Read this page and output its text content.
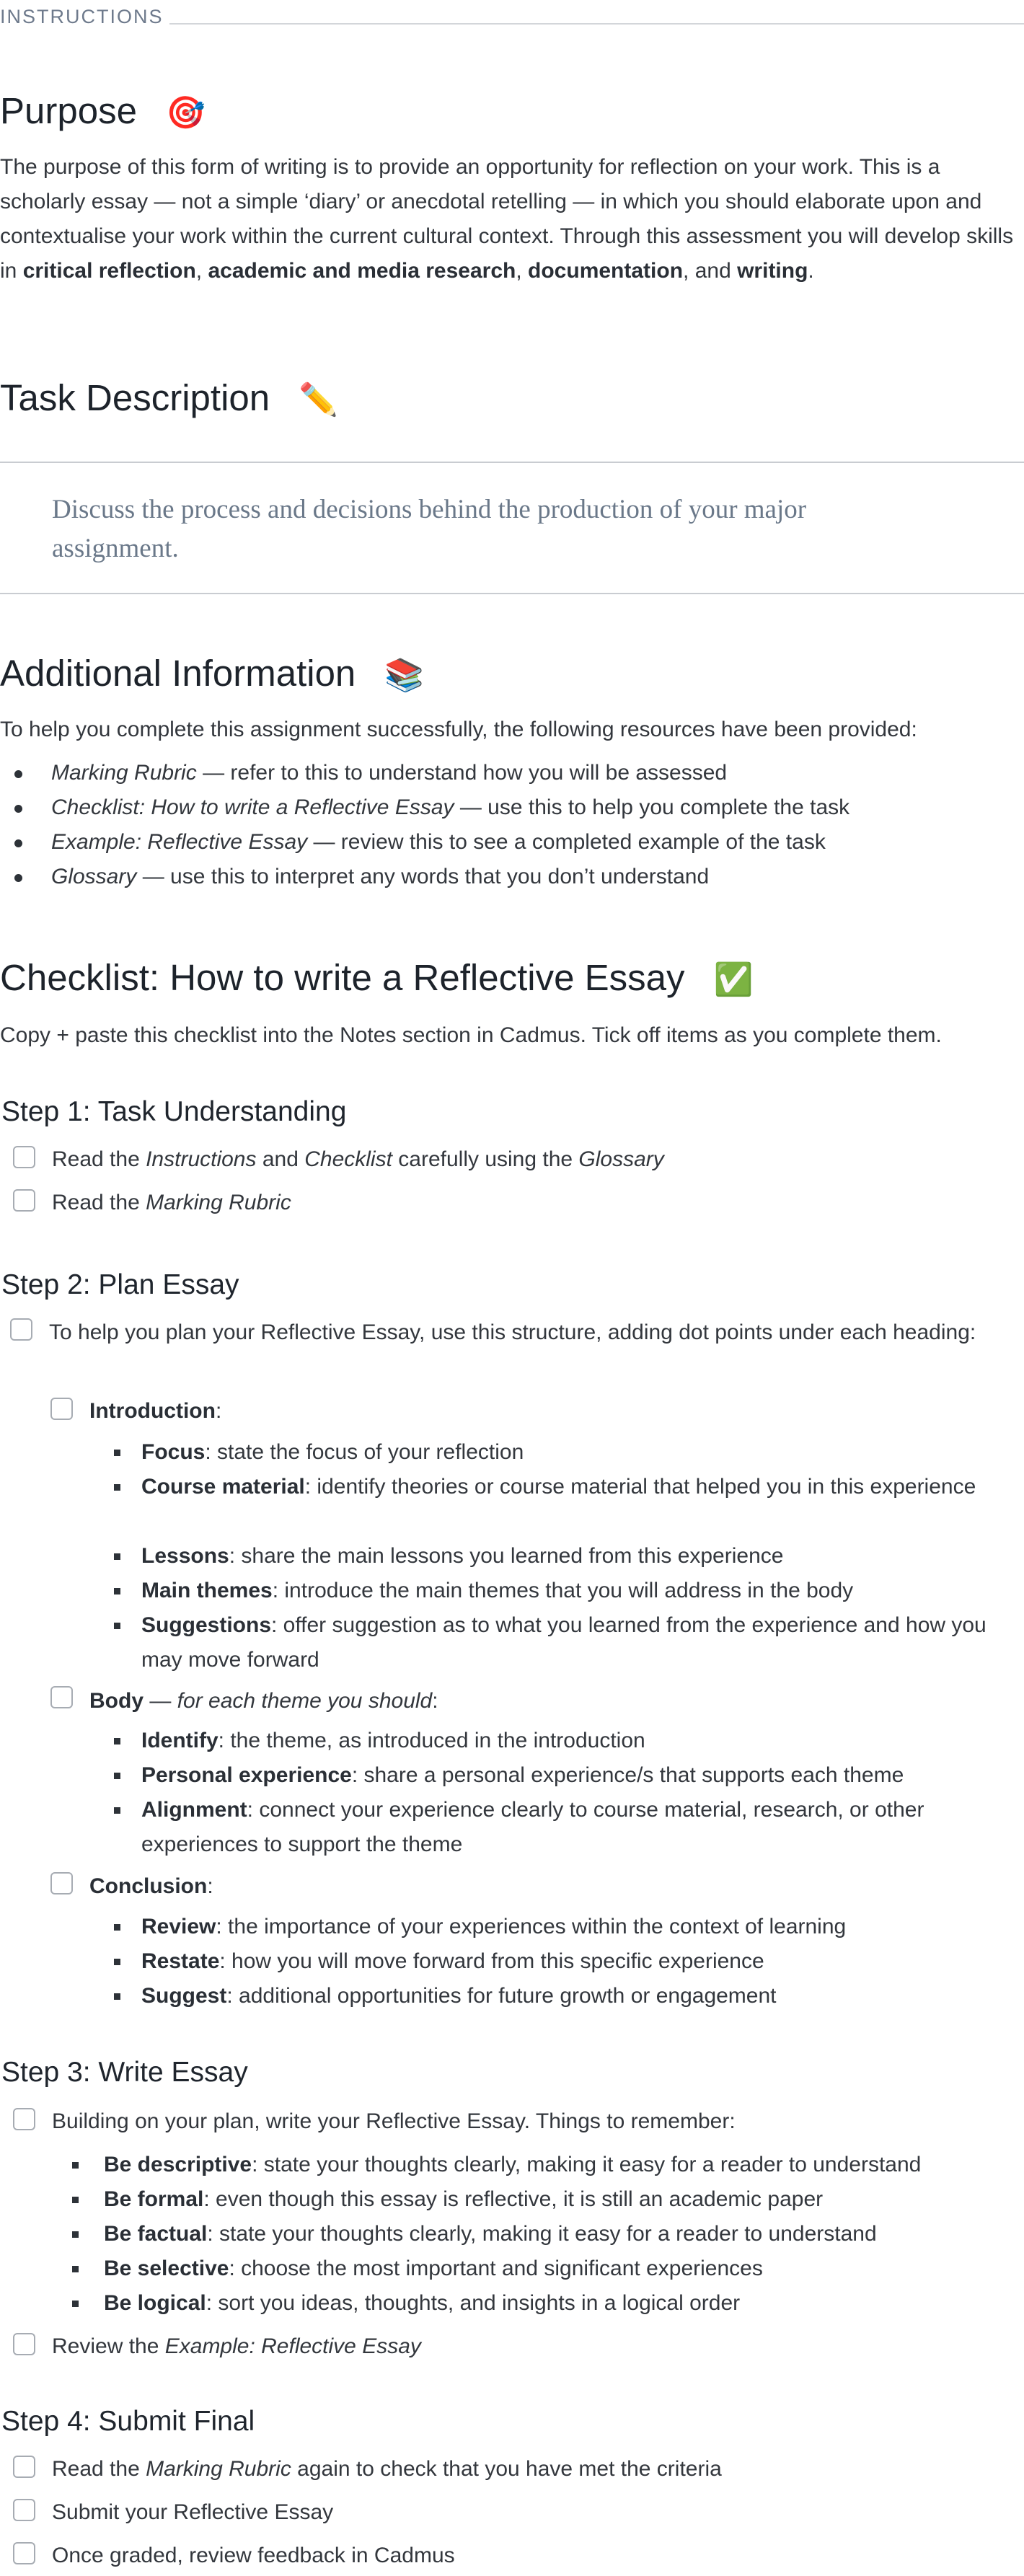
INSTRUCTIONS
Purpose 🎯

The purpose of this form of writing is to provide an opportunity for reflection on your work. This is a scholarly essay — not a simple ‘diary’ or anecdotal retelling — in which you should elaborate upon and contextualise your work within the current cultural context. Through this assessment you will develop skills in critical reflection, academic and media research, documentation, and writing.

Task Description ✏️

Discuss the process and decisions behind the production of your major assignment.

Additional Information 📚

To help you complete this assignment successfully, the following resources have been provided:

Marking Rubric — refer to this to understand how you will be assessed
Checklist: How to write a Reflective Essay — use this to help you complete the task
Example: Reflective Essay — review this to see a completed example of the task
Glossary — use this to interpret any words that you don’t understand
Checklist: How to write a Reflective Essay ✅

Copy + paste this checklist into the Notes section in Cadmus. Tick off items as you complete them.

Step 1: Task Understanding
Read the Instructions and Checklist carefully using the Glossary
Read the Marking Rubric
Step 2: Plan Essay
To help you plan your Reflective Essay, use this structure, adding dot points under each heading:
Introduction:
Focus: state the focus of your reflection
Course material: identify theories or course material that helped you in this experience
Lessons: share the main lessons you learned from this experience
Main themes: introduce the main themes that you will address in the body
Suggestions: offer suggestion as to what you learned from the experience and how you may move forward
Body — for each theme you should:
Identify: the theme, as introduced in the introduction
Personal experience: share a personal experience/s that supports each theme
Alignment: connect your experience clearly to course material, research, or other experiences to support the theme
Conclusion:
Review: the importance of your experiences within the context of learning
Restate: how you will move forward from this specific experience
Suggest: additional opportunities for future growth or engagement
Step 3: Write Essay
Building on your plan, write your Reflective Essay. Things to remember:
Be descriptive: state your thoughts clearly, making it easy for a reader to understand
Be formal: even though this essay is reflective, it is still an academic paper
Be factual: state your thoughts clearly, making it easy for a reader to understand
Be selective: choose the most important and significant experiences
Be logical: sort you ideas, thoughts, and insights in a logical order
Review the Example: Reflective Essay
Step 4: Submit Final
Read the Marking Rubric again to check that you have met the criteria
Submit your Reflective Essay
Once graded, review feedback in Cadmus
